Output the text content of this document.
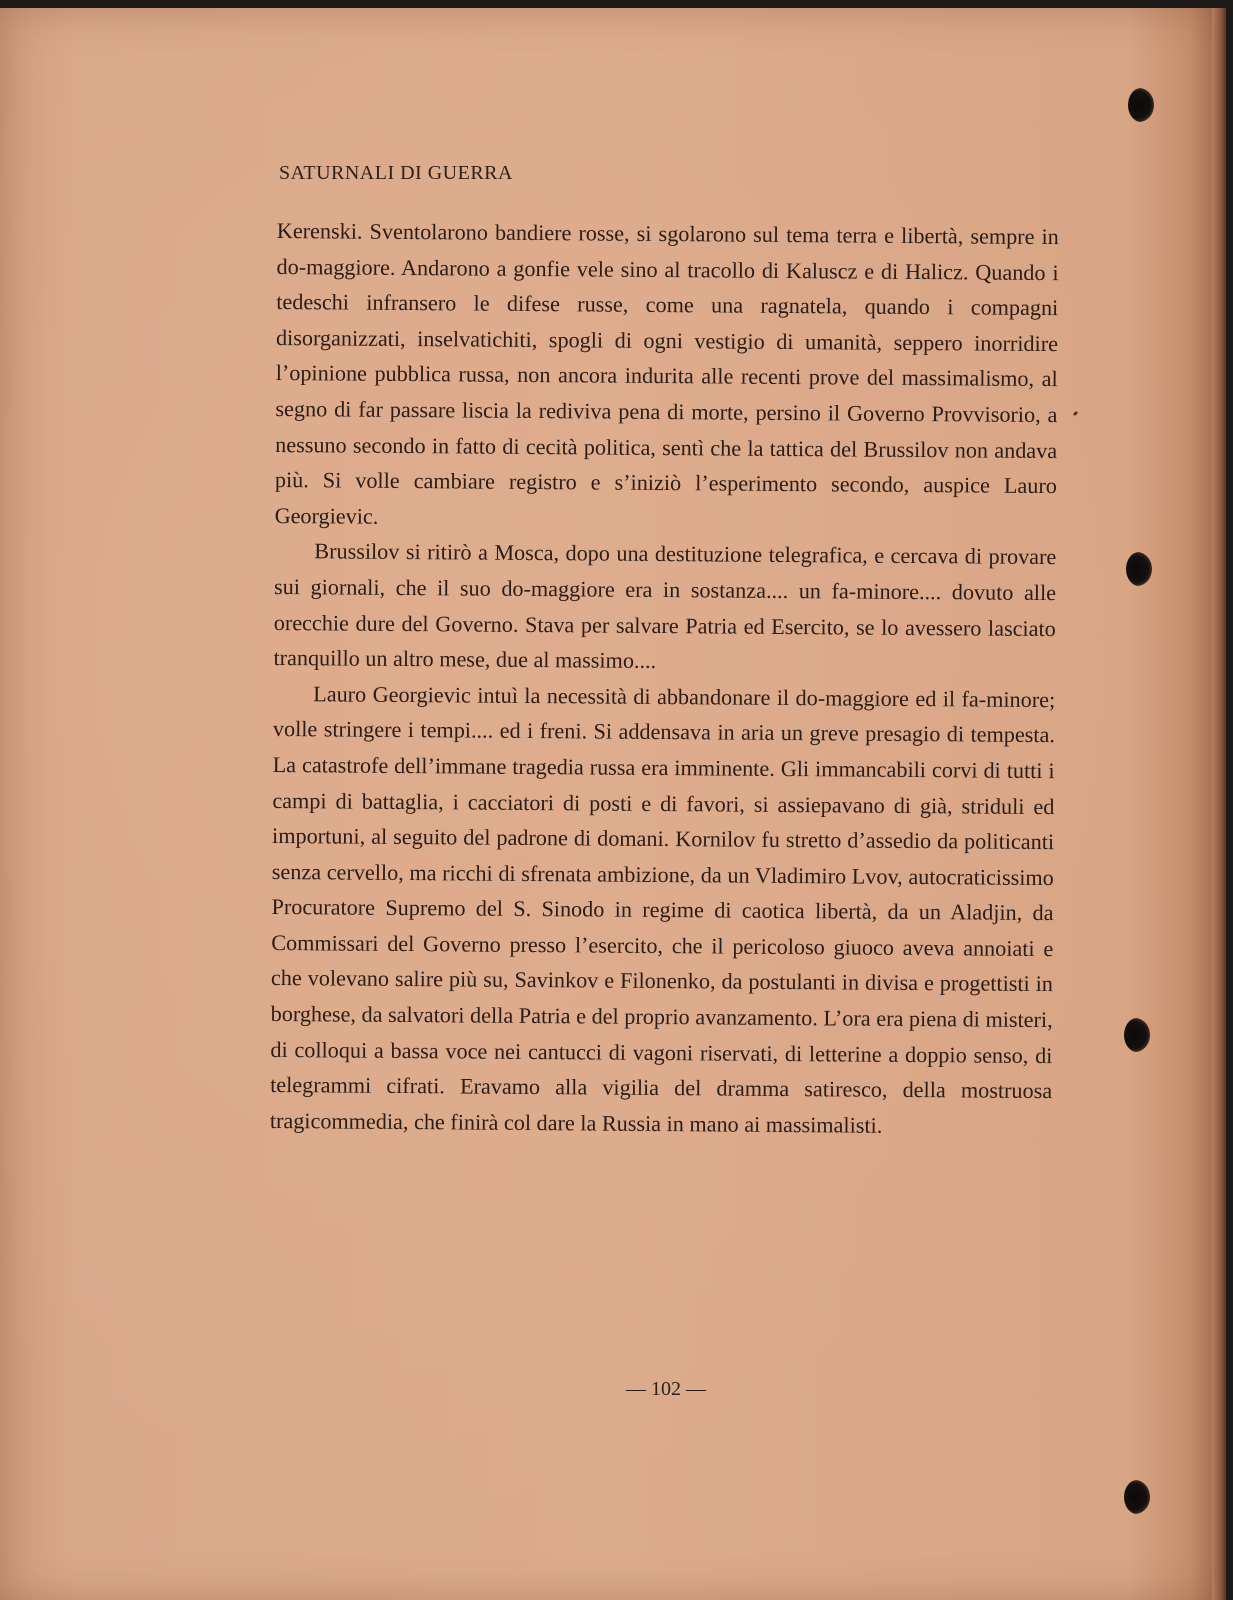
SATURNALI DI GUERRA

Kerenski. Sventolarono bandiere rosse, si sgolarono sul tema terra e libertà, sempre in do-maggiore. Andarono a gonfie vele sino al tracollo di Kaluscz e di Halicz. Quando i tedeschi infransero le difese russe, come una ragnatela, quando i compagni disorganizzati, inselvatichiti, spogli di ogni vestigio di umanità, seppero inorridire l’opinione pubblica russa, non ancora indurita alle recenti prove del massimalismo, al segno di far passare liscia la rediviva pena di morte, persino il Governo Provvisorio, a nessuno secondo in fatto di cecità politica, sentì che la tattica del Brussilov non andava più. Si volle cambiare registro e s’iniziò l’esperimento secondo, auspice Lauro Georgievic.

Brussilov si ritirò a Mosca, dopo una destituzione telegrafica, e cercava di provare sui giornali, che il suo do-maggiore era in sostanza.... un fa-minore.... dovuto alle orecchie dure del Governo. Stava per salvare Patria ed Esercito, se lo avessero lasciato tranquillo un altro mese, due al massimo....

Lauro Georgievic intuì la necessità di abbandonare il do-maggiore ed il fa-minore; volle stringere i tempi.... ed i freni. Si addensava in aria un greve presagio di tempesta. La catastrofe dell’immane tragedia russa era imminente. Gli immancabili corvi di tutti i campi di battaglia, i cacciatori di posti e di favori, si assiepavano di già, striduli ed importuni, al seguito del padrone di domani. Kornilov fu stretto d’assedio da politicanti senza cervello, ma ricchi di sfrenata ambizione, da un Vladimiro Lvov, autocraticissimo Procuratore Supremo del S. Sinodo in regime di caotica libertà, da un Aladjin, da Commissari del Governo presso l’esercito, che il pericoloso giuoco aveva annoiati e che volevano salire più su, Savinkov e Filonenko, da postulanti in divisa e progettisti in borghese, da salvatori della Patria e del proprio avanzamento. L’ora era piena di misteri, di colloqui a bassa voce nei cantucci di vagoni riservati, di letterine a doppio senso, di telegrammi cifrati. Eravamo alla vigilia del dramma satiresco, della mostruosa tragicommedia, che finirà col dare la Russia in mano ai massimalisti.

— 102 —
